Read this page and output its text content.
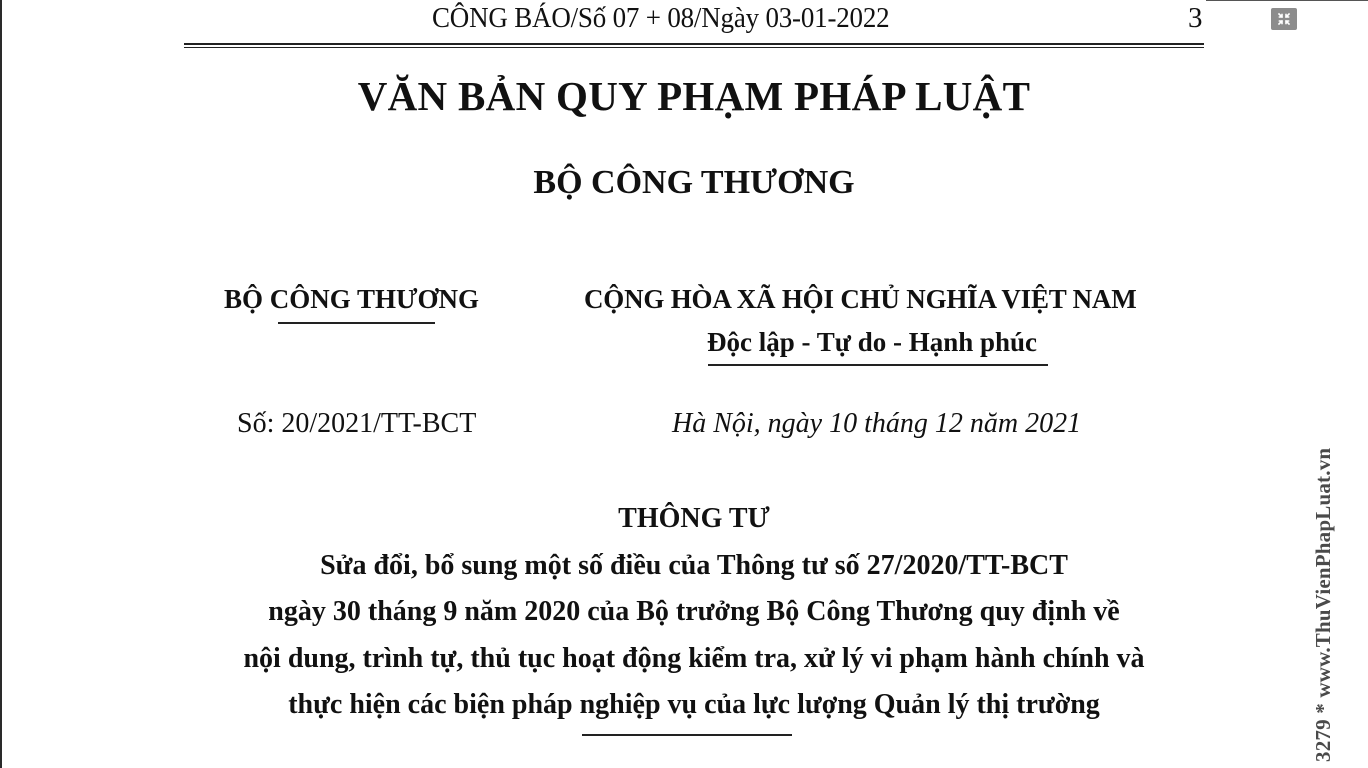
CÔNG BÁO/Số 07 + 08/Ngày 03-01-2022	3
VĂN BẢN QUY PHẠM PHÁP LUẬT
BỘ CÔNG THƯƠNG
BỘ CÔNG THƯƠNG	CỘNG HÒA XÃ HỘI CHỦ NGHĨA VIỆT NAM
Độc lập - Tự do - Hạnh phúc
Số: 20/2021/TT-BCT	Hà Nội, ngày 10 tháng 12 năm 2021
THÔNG TƯ
Sửa đổi, bổ sung một số điều của Thông tư số 27/2020/TT-BCT
ngày 30 tháng 9 năm 2020 của Bộ trưởng Bộ Công Thương quy định về
nội dung, trình tự, thủ tục hoạt động kiểm tra, xử lý vi phạm hành chính và
thực hiện các biện pháp nghiệp vụ của lực lượng Quản lý thị trường	3279 * www.ThuVienPhapLuat.vn
